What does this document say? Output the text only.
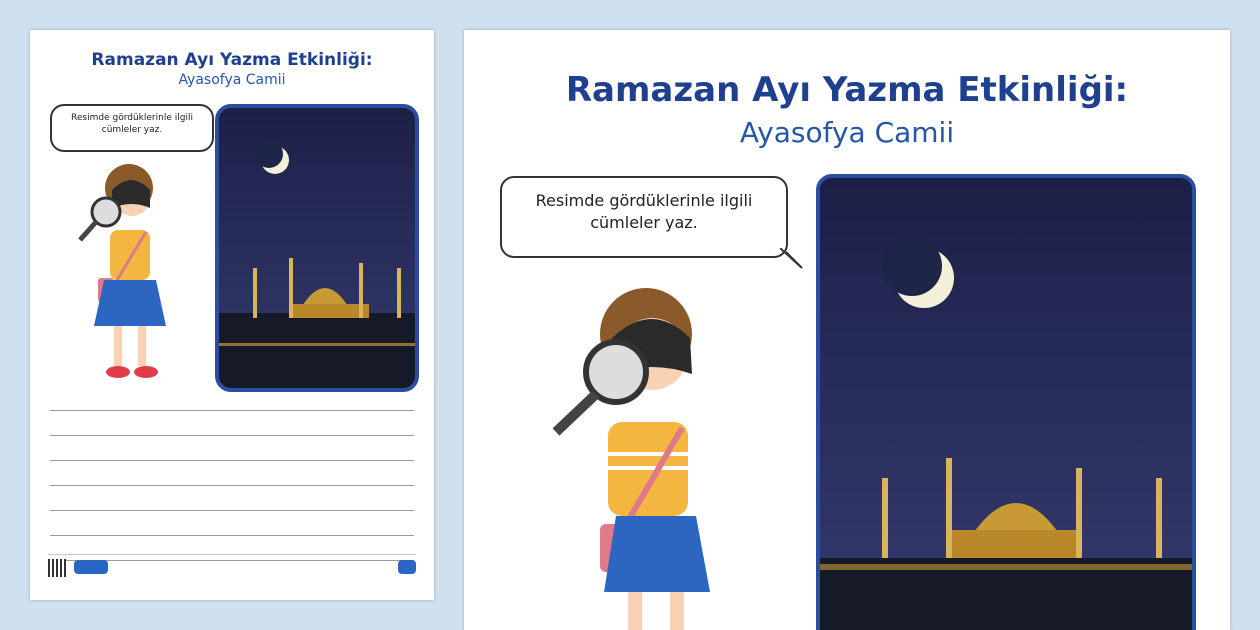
Ramazan Ayı Yazma Etkinliği:
Ayasofya Camii
Resimde gördüklerinle ilgili
cümleler yaz.
Ramazan Ayı Yazma Etkinliği:
Ayasofya Camii
Resimde gördüklerinle ilgili
cümleler yaz.
